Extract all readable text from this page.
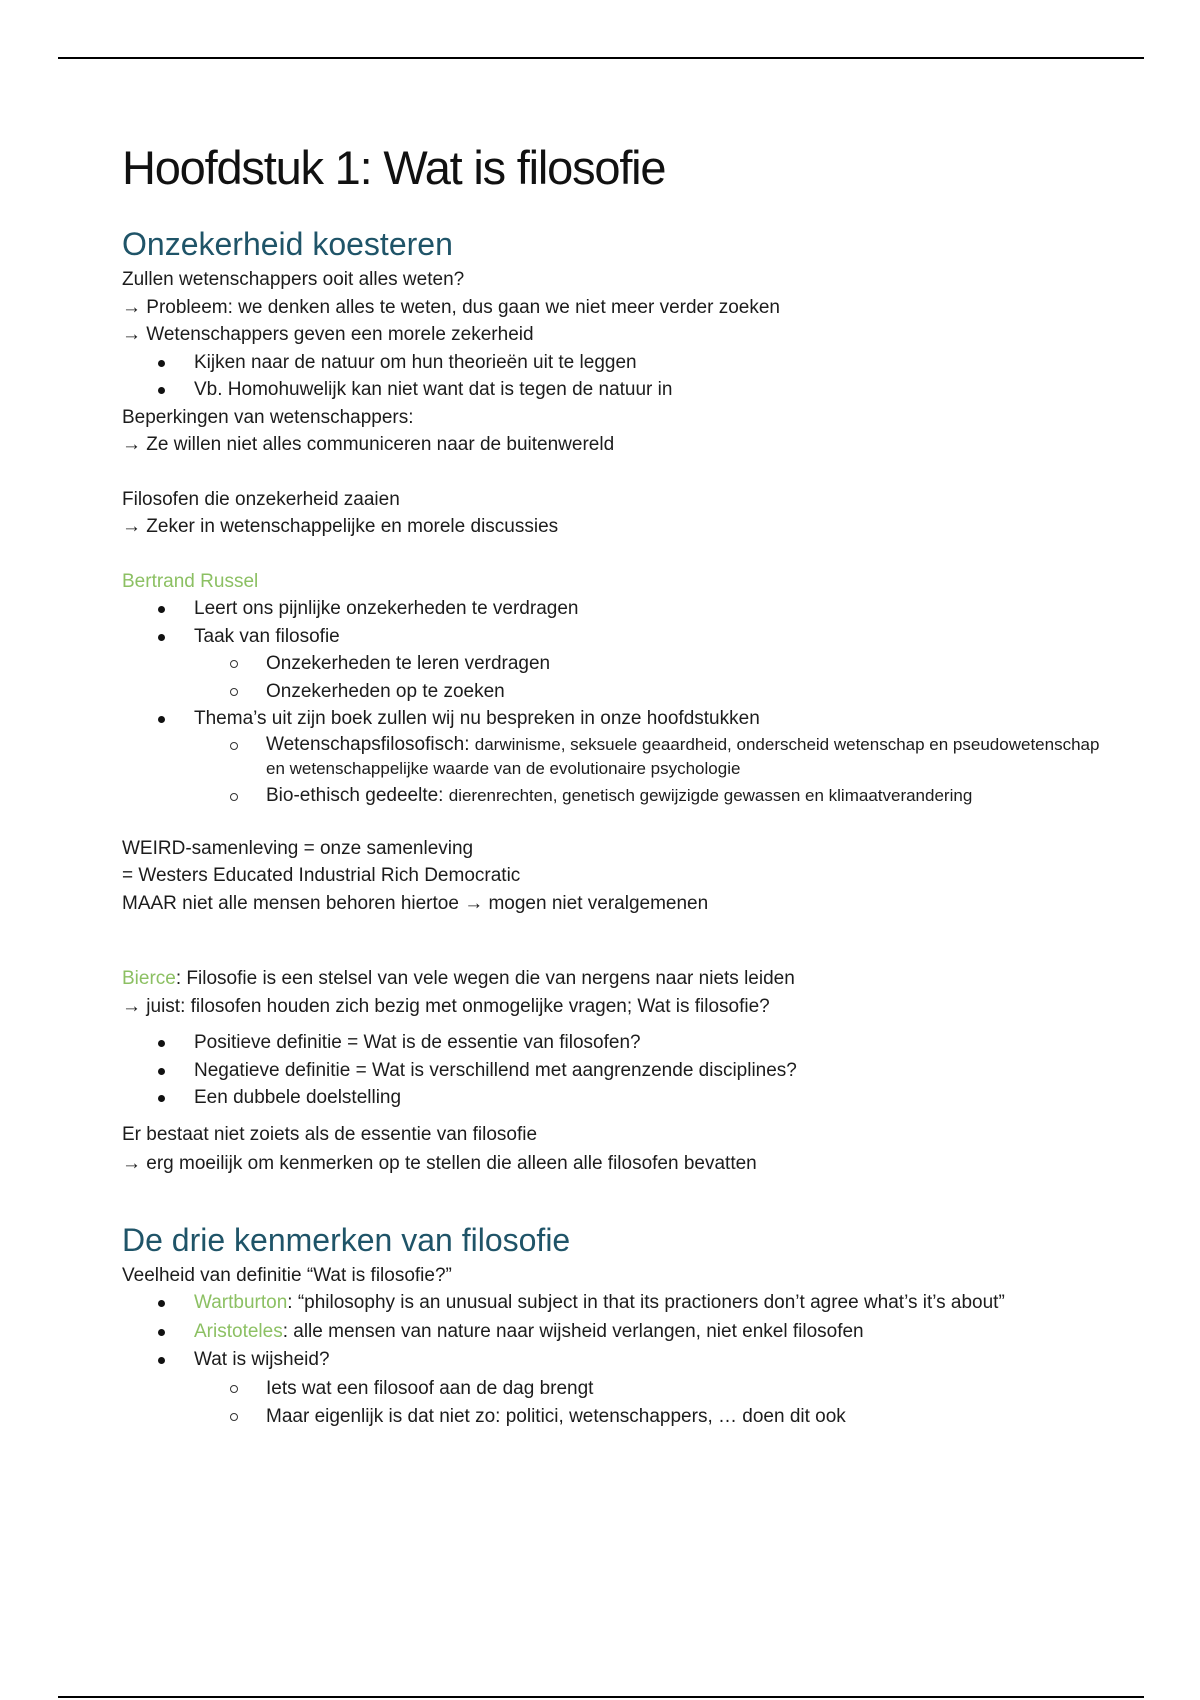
Hoofdstuk 1: Wat is filosofie
Onzekerheid koesteren

Zullen wetenschappers ooit alles weten?

→ Probleem: we denken alles te weten, dus gaan we niet meer verder zoeken

→ Wetenschappers geven een morele zekerheid

Kijken naar de natuur om hun theorieën uit te leggen
Vb. Homohuwelijk kan niet want dat is tegen de natuur in

Beperkingen van wetenschappers:

→ Ze willen niet alles communiceren naar de buitenwereld

Filosofen die onzekerheid zaaien

→ Zeker in wetenschappelijke en morele discussies

Bertrand Russel

Leert ons pijnlijke onzekerheden te verdragen
Taak van filosofie
Onzekerheden te leren verdragen
Onzekerheden op te zoeken
Thema’s uit zijn boek zullen wij nu bespreken in onze hoofdstukken
Wetenschapsfilosofisch: darwinisme, seksuele geaardheid, onderscheid wetenschap en pseudowetenschap en wetenschappelijke waarde van de evolutionaire psychologie
Bio-ethisch gedeelte: dierenrechten, genetisch gewijzigde gewassen en klimaatverandering

WEIRD-samenleving = onze samenleving

= Westers Educated Industrial Rich Democratic

MAAR niet alle mensen behoren hiertoe → mogen niet veralgemenen

Bierce: Filosofie is een stelsel van vele wegen die van nergens naar niets leiden

→ juist: filosofen houden zich bezig met onmogelijke vragen; Wat is filosofie?

Positieve definitie = Wat is de essentie van filosofen?
Negatieve definitie = Wat is verschillend met aangrenzende disciplines?
Een dubbele doelstelling

Er bestaat niet zoiets als de essentie van filosofie

→ erg moeilijk om kenmerken op te stellen die alleen alle filosofen bevatten

De drie kenmerken van filosofie

Veelheid van definitie “Wat is filosofie?”

Wartburton: “philosophy is an unusual subject in that its practioners don’t agree what’s it’s about”
Aristoteles: alle mensen van nature naar wijsheid verlangen, niet enkel filosofen
Wat is wijsheid?
Iets wat een filosoof aan de dag brengt
Maar eigenlijk is dat niet zo: politici, wetenschappers, … doen dit ook
